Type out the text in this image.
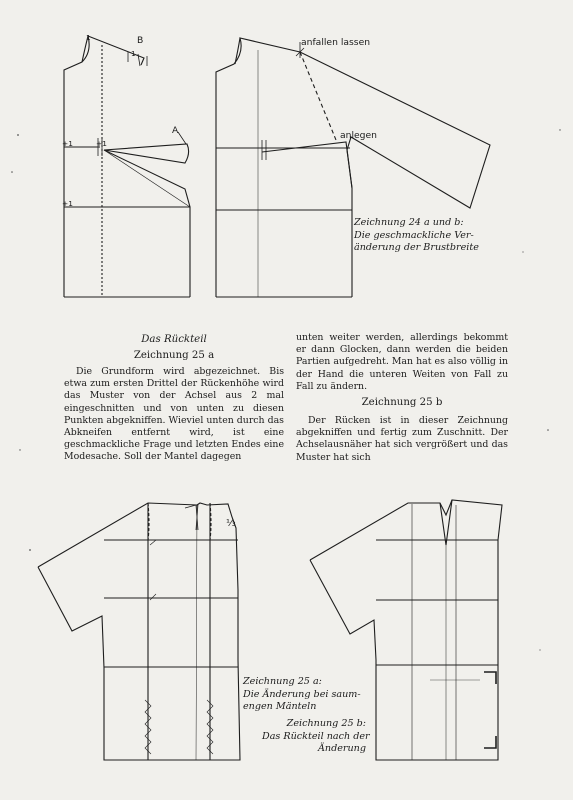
1	B
1
A
+1	+1
+1
anfallen lassen
anlegen
Zeichnung 24 a und b:
Die geschmackliche Ver-
änderung der Brustbreite
Das Rückteil
Zeichnung 25 a

Die Grundform wird abgezeichnet. Bis etwa zum ersten Drittel der Rückenhöhe wird das Muster von der Achsel aus 2 mal eingeschnitten und von unten zu diesen Punkten abgekniffen. Wieviel unten durch das Abkneifen entfernt wird, ist eine geschmackliche Frage und letzten Endes eine Modesache. Soll der Mantel dagegen

unten weiter werden, allerdings bekommt er dann Glocken, dann werden die beiden Partien aufgedreht. Man hat es also völlig in der Hand die unteren Weiten von Fall zu Fall zu ändern.

Zeichnung 25 b

Der Rücken ist in dieser Zeichnung abgekniffen und fertig zum Zuschnitt. Der Achselausnäher hat sich vergrößert und das Muster hat sich

⅓
Zeichnung 25 a:
Die Änderung bei saum-
engen Mänteln
Zeichnung 25 b:
Das Rückteil nach der
Änderung
